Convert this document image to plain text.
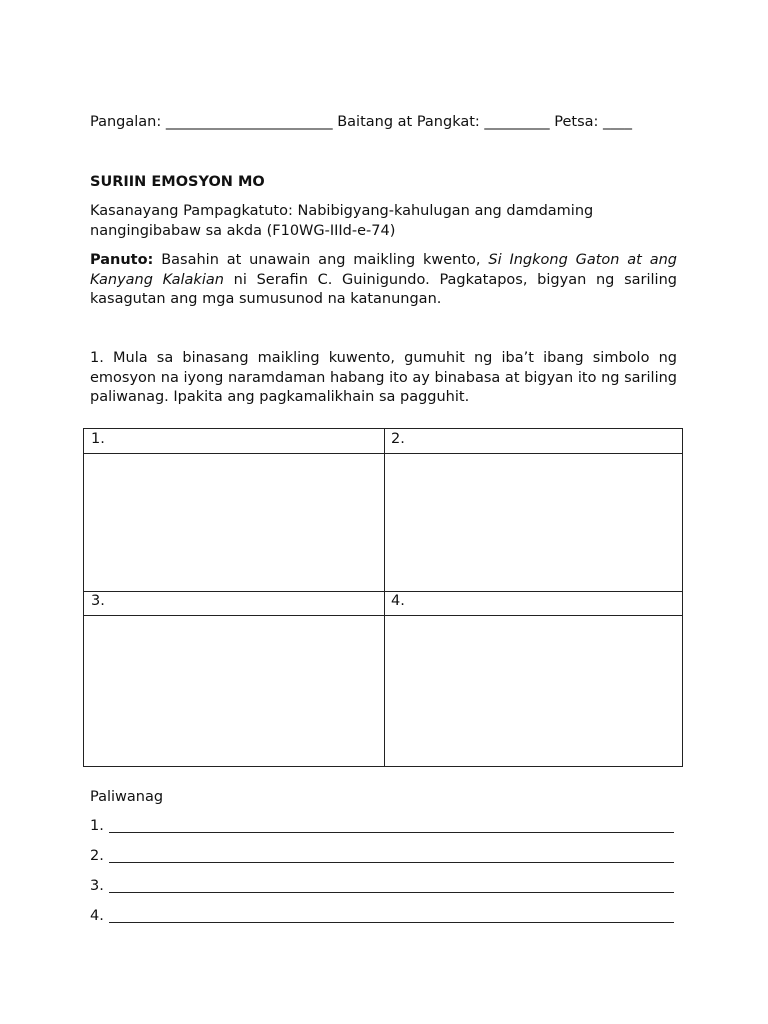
Pangalan: _______________________ Baitang at Pangkat: _________ Petsa: ____
SURIIN EMOSYON MO
Kasanayang Pampagkatuto: Nabibigyang-kahulugan ang damdaming nangingibabaw sa akda (F10WG-IIId-e-74)
Panuto: Basahin at unawain ang maikling kwento, Si Ingkong Gaton at ang Kanyang Kalakian ni Serafin C. Guinigundo. Pagkatapos, bigyan ng sariling kasagutan ang mga sumusunod na katanungan.
1. Mula sa binasang maikling kuwento, gumuhit ng iba’t ibang simbolo ng emosyon na iyong naramdaman habang ito ay binabasa at bigyan ito ng sariling paliwanag. Ipakita ang pagkamalikhain sa pagguhit.
1.	2.
3.	4.
Paliwanag
1.
2.
3.
4.
